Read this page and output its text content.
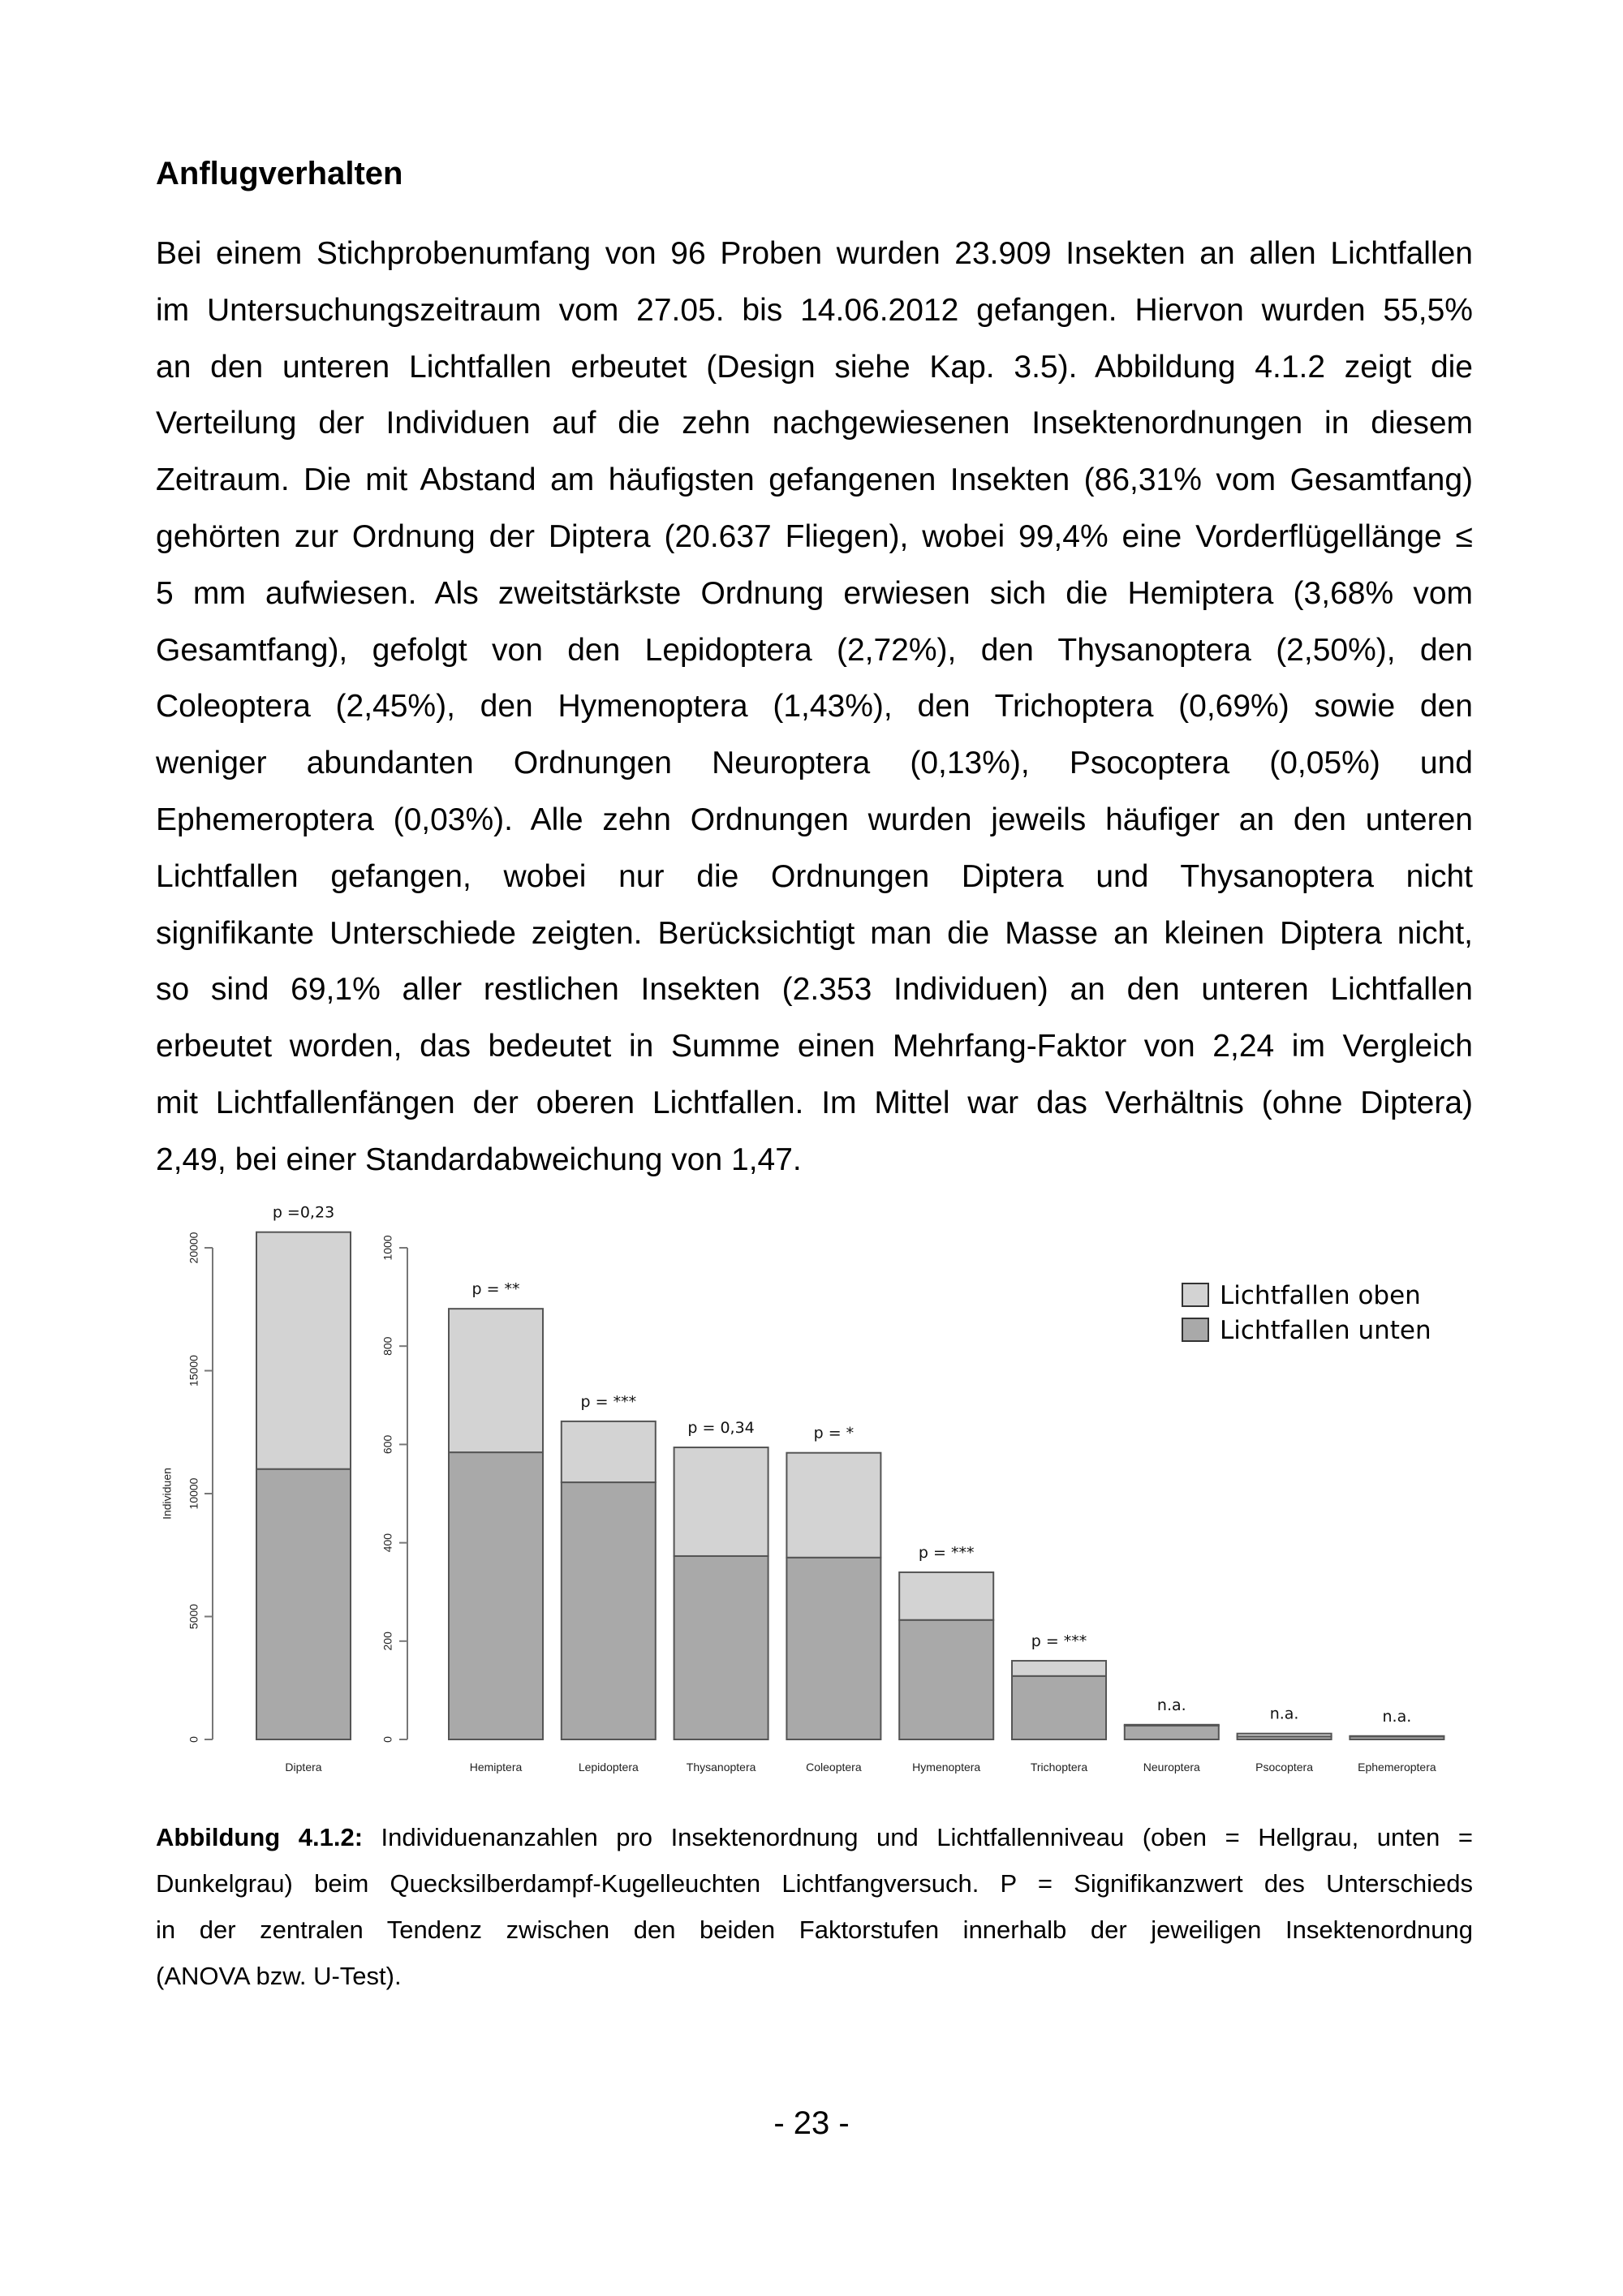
Anflugverhalten
Bei einem Stichprobenumfang von 96 Proben wurden 23.909 Insekten an allen Lichtfallen
im Untersuchungszeitraum vom 27.05. bis 14.06.2012 gefangen. Hiervon wurden 55,5%
an den unteren Lichtfallen erbeutet (Design siehe Kap. 3.5). Abbildung 4.1.2 zeigt die
Verteilung der Individuen auf die zehn nachgewiesenen Insektenordnungen in diesem
Zeitraum. Die mit Abstand am häufigsten gefangenen Insekten (86,31% vom Gesamtfang)
gehörten zur Ordnung der Diptera (20.637 Fliegen), wobei 99,4% eine Vorderflügellänge ≤
5 mm aufwiesen. Als zweitstärkste Ordnung erwiesen sich die Hemiptera (3,68% vom
Gesamtfang), gefolgt von den Lepidoptera (2,72%), den Thysanoptera (2,50%), den
Coleoptera (2,45%), den Hymenoptera (1,43%), den Trichoptera (0,69%) sowie den
weniger abundanten Ordnungen Neuroptera (0,13%), Psocoptera (0,05%) und
Ephemeroptera (0,03%). Alle zehn Ordnungen wurden jeweils häufiger an den unteren
Lichtfallen gefangen, wobei nur die Ordnungen Diptera und Thysanoptera nicht
signifikante Unterschiede zeigten. Berücksichtigt man die Masse an kleinen Diptera nicht,
so sind 69,1% aller restlichen Insekten (2.353 Individuen) an den unteren Lichtfallen
erbeutet worden, das bedeutet in Summe einen Mehrfang-Faktor von 2,24 im Vergleich
mit Lichtfallenfängen der oberen Lichtfallen. Im Mittel war das Verhältnis (ohne Diptera)
2,49, bei einer Standardabweichung von 1,47.
0
5000
10000
15000
20000
Individuen
p =0,23
Diptera
0
200
400
600
800
1000
p = **
Hemiptera
p = ***
Lepidoptera
p = 0,34
Thysanoptera
p = *
Coleoptera
p = ***
Hymenoptera
p = ***
Trichoptera
n.a.
Neuroptera
n.a.
Psocoptera
n.a.
Ephemeroptera
Lichtfallen oben
Lichtfallen unten
Abbildung 4.1.2: Individuenanzahlen pro Insektenordnung und Lichtfallenniveau (oben = Hellgrau, unten =
Dunkelgrau) beim Quecksilberdampf-Kugelleuchten Lichtfangversuch. P = Signifikanzwert des Unterschieds
in der zentralen Tendenz zwischen den beiden Faktorstufen innerhalb der jeweiligen Insektenordnung
(ANOVA bzw. U-Test).
- 23 -
